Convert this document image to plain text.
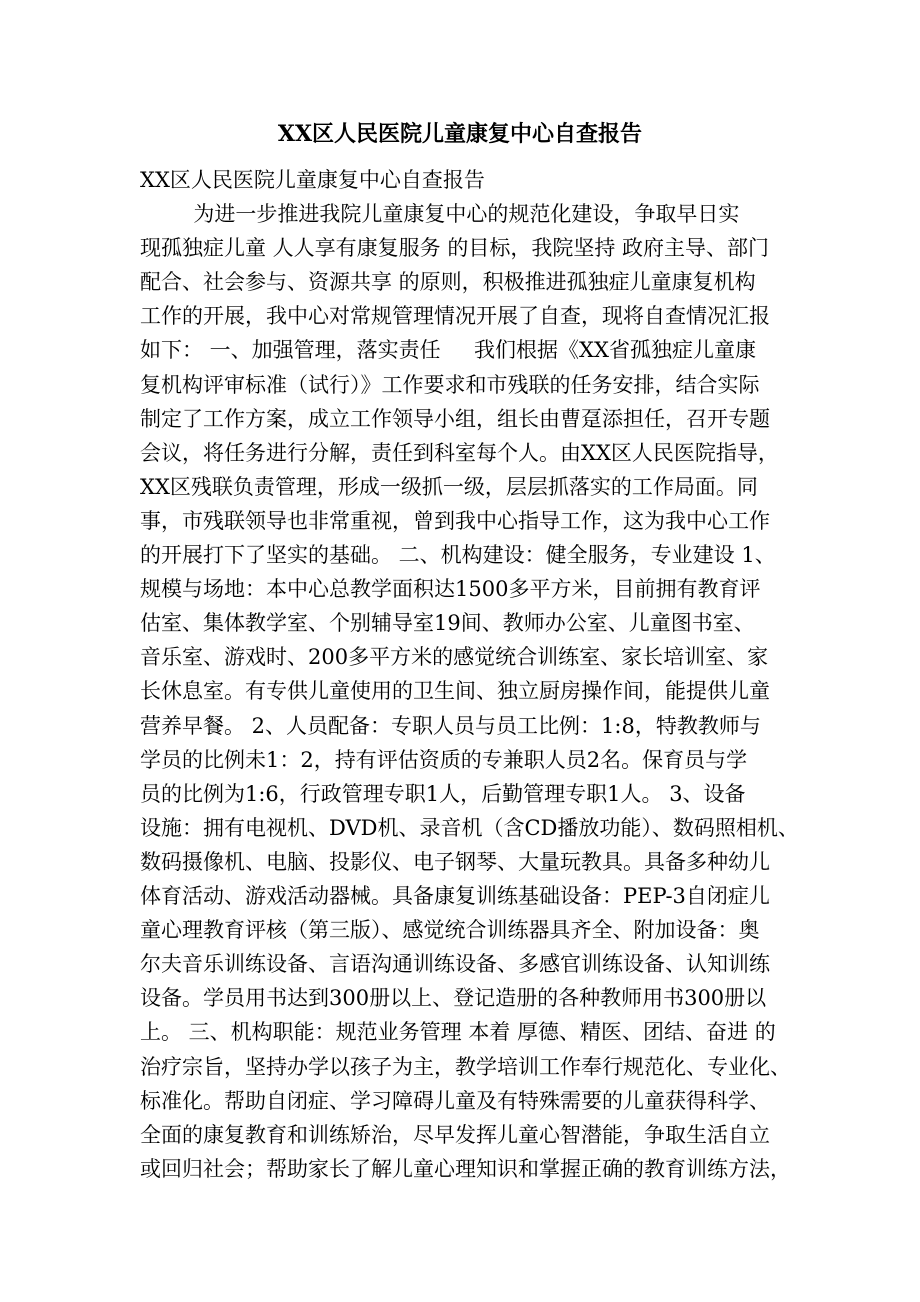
XX区人民医院儿童康复中心自查报告
XX区人民医院儿童康复中心自查报告
为进一步推进我院儿童康复中心的规范化建设，争取早日实
现孤独症儿童 人人享有康复服务 的目标，我院坚持 政府主导、部门
配合、社会参与、资源共享 的原则，积极推进孤独症儿童康复机构
工作的开展，我中心对常规管理情况开展了自查，现将自查情况汇报
如下： 一、加强管理，落实责任     我们根据《XX省孤独症儿童康
复机构评审标准（试行）》工作要求和市残联的任务安排，结合实际
制定了工作方案，成立工作领导小组，组长由曹趸添担任，召开专题
会议，将任务进行分解，责任到科室每个人。由XX区人民医院指导，
XX区残联负责管理，形成一级抓一级，层层抓落实的工作局面。同
事，市残联领导也非常重视，曾到我中心指导工作，这为我中心工作
的开展打下了坚实的基础。 二、机构建设：健全服务，专业建设 1、
规模与场地：本中心总教学面积达1500多平方米，目前拥有教育评
估室、集体教学室、个别辅导室19间、教师办公室、儿童图书室、
音乐室、游戏时、200多平方米的感觉统合训练室、家长培训室、家
长休息室。有专供儿童使用的卫生间、独立厨房操作间，能提供儿童
营养早餐。 2、人员配备：专职人员与员工比例：1:8，特教教师与
学员的比例未1：2，持有评估资质的专兼职人员2名。保育员与学
员的比例为1:6，行政管理专职1人，后勤管理专职1人。 3、设备
设施：拥有电视机、DVD机、录音机（含CD播放功能）、数码照相机、
数码摄像机、电脑、投影仪、电子钢琴、大量玩教具。具备多种幼儿
体育活动、游戏活动器械。具备康复训练基础设备：PEP-3自闭症儿
童心理教育评核（第三版）、感觉统合训练器具齐全、附加设备：奥
尔夫音乐训练设备、言语沟通训练设备、多感官训练设备、认知训练
设备。学员用书达到300册以上、登记造册的各种教师用书300册以
上。 三、机构职能：规范业务管理 本着 厚德、精医、团结、奋进 的
治疗宗旨，坚持办学以孩子为主，教学培训工作奉行规范化、专业化、
标准化。帮助自闭症、学习障碍儿童及有特殊需要的儿童获得科学、
全面的康复教育和训练矫治，尽早发挥儿童心智潜能，争取生活自立
或回归社会；帮助家长了解儿童心理知识和掌握正确的教育训练方法，
